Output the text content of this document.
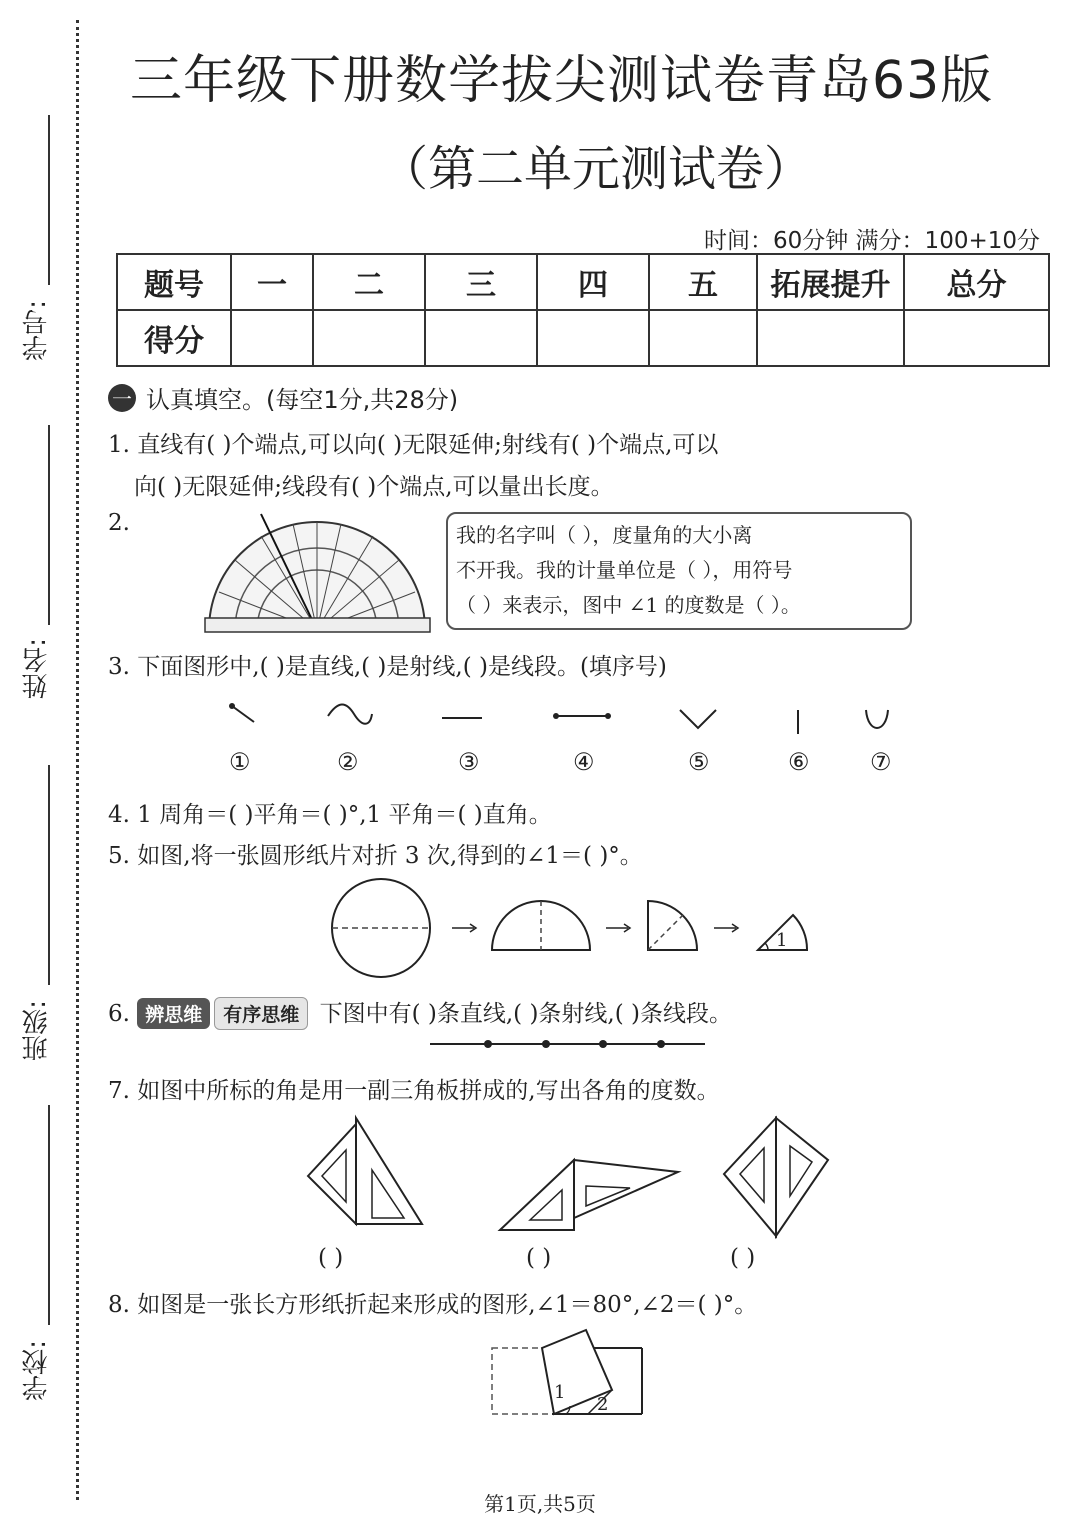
学号:
姓名:
班级:
学校:
三年级下册数学拔尖测试卷青岛63版
（第二单元测试卷）
时间：60分钟 满分：100+10分
题号	一	二	三	四	五	拓展提升	总分
得分							
一 认真填空。(每空1分,共28分)
1. 直线有( )个端点,可以向( )无限延伸;射线有( )个端点,可以
向( )无限延伸;线段有( )个端点,可以量出长度。
2.	我的名字叫（ ），度量角的大小离
不开我。我的计量单位是（ ），用符号
（ ）来表示，图中 ∠1 的度数是（ ）。
3. 下面图形中,( )是直线,( )是射线,( )是线段。(填序号)
①	②	③	④	⑤	⑥	⑦
4. 1 周角＝( )平角＝( )°,1 平角＝( )直角。
5. 如图,将一张圆形纸片对折 3 次,得到的∠1＝( )°。
1
6. 辨思维 有序思维 下图中有( )条直线,( )条射线,( )条线段。
7. 如图中所标的角是用一副三角板拼成的,写出各角的度数。
( )	( )	( )
8. 如图是一张长方形纸折起来形成的图形,∠1＝80°,∠2＝( )°。
1
2
第1页,共5页
